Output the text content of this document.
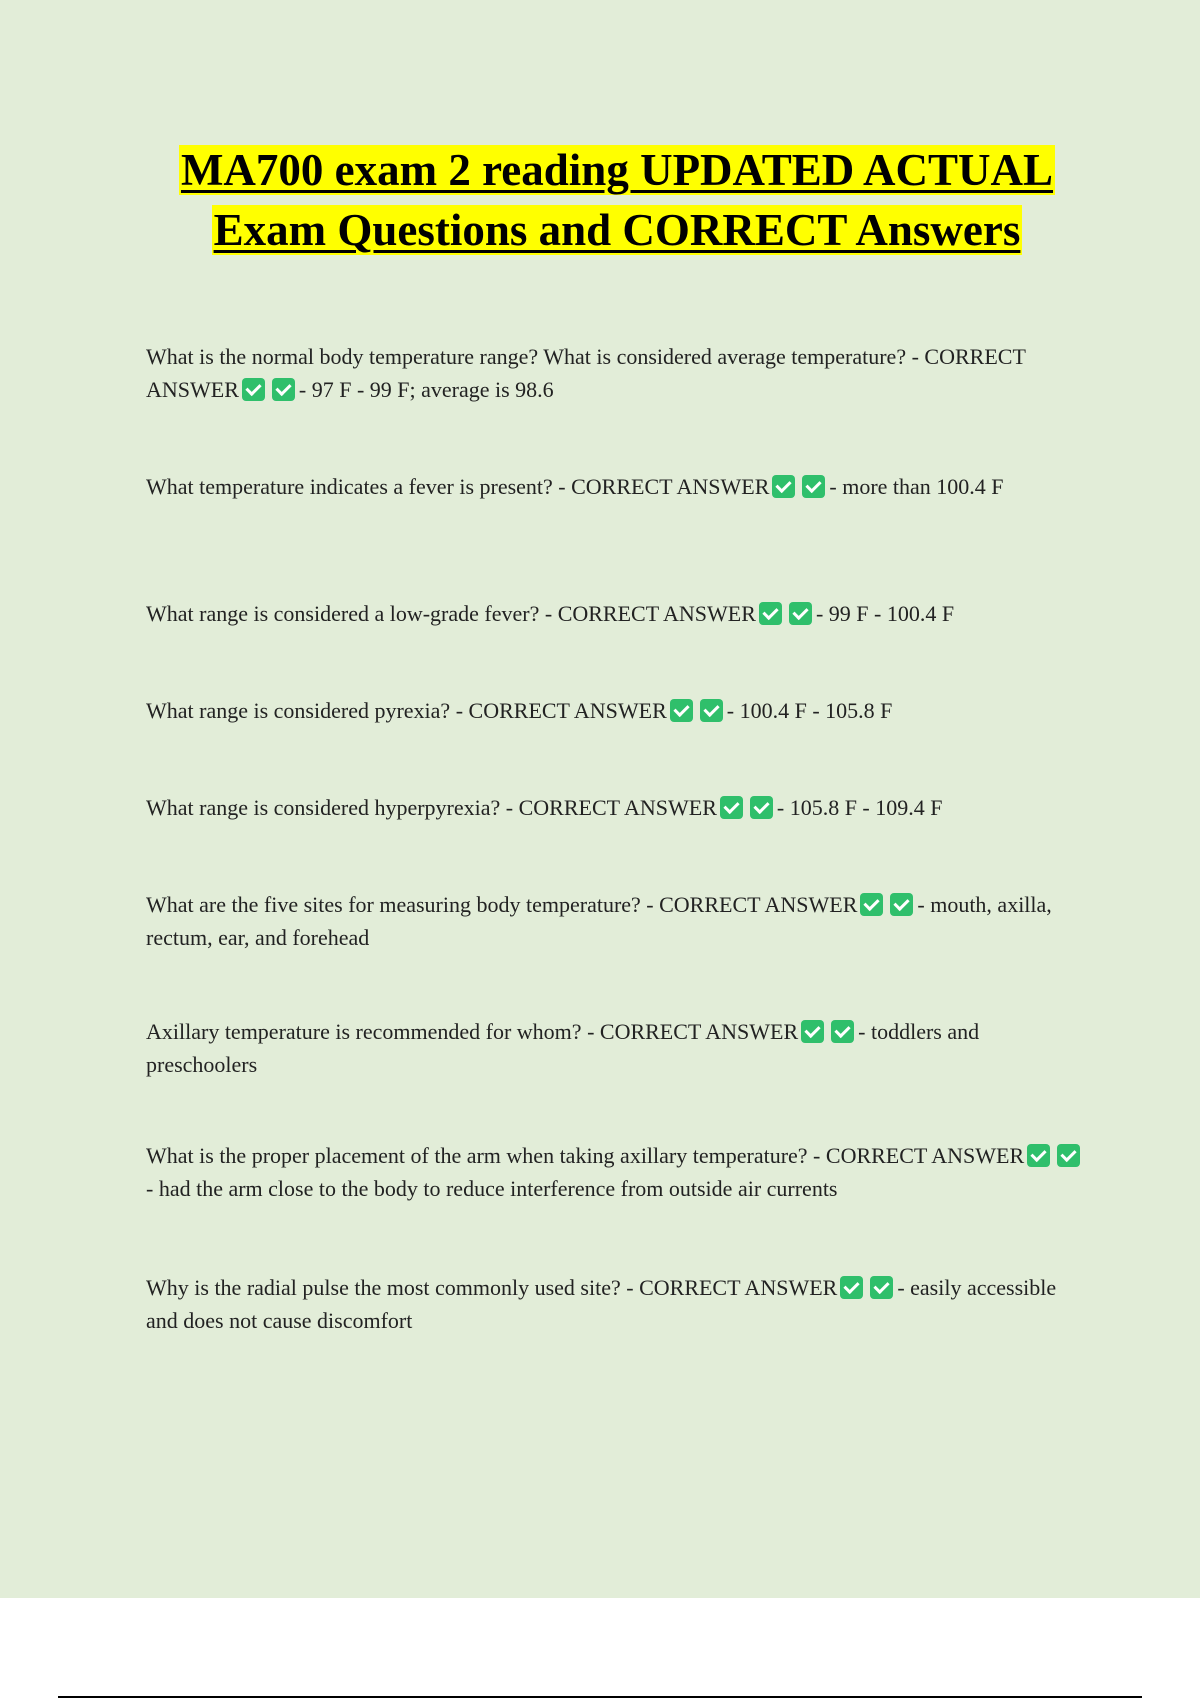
MA700 exam 2 reading UPDATED ACTUAL Exam Questions and CORRECT Answers
What is the normal body temperature range? What is considered average temperature? - CORRECT ANSWER	- 97 F - 99 F; average is 98.6
What temperature indicates a fever is present? - CORRECT ANSWER	- more than 100.4 F
What range is considered a low-grade fever? - CORRECT ANSWER	- 99 F - 100.4 F
What range is considered pyrexia? - CORRECT ANSWER	- 100.4 F - 105.8 F
What range is considered hyperpyrexia? - CORRECT ANSWER	- 105.8 F - 109.4 F
What are the five sites for measuring body temperature? - CORRECT ANSWER	- mouth, axilla, rectum, ear, and forehead
Axillary temperature is recommended for whom? - CORRECT ANSWER	- toddlers and preschoolers
What is the proper placement of the arm when taking axillary temperature? - CORRECT ANSWER- had the arm close to the body to reduce interference from outside air currents
Why is the radial pulse the most commonly used site? - CORRECT ANSWER	- easily accessible and does not cause discomfort
